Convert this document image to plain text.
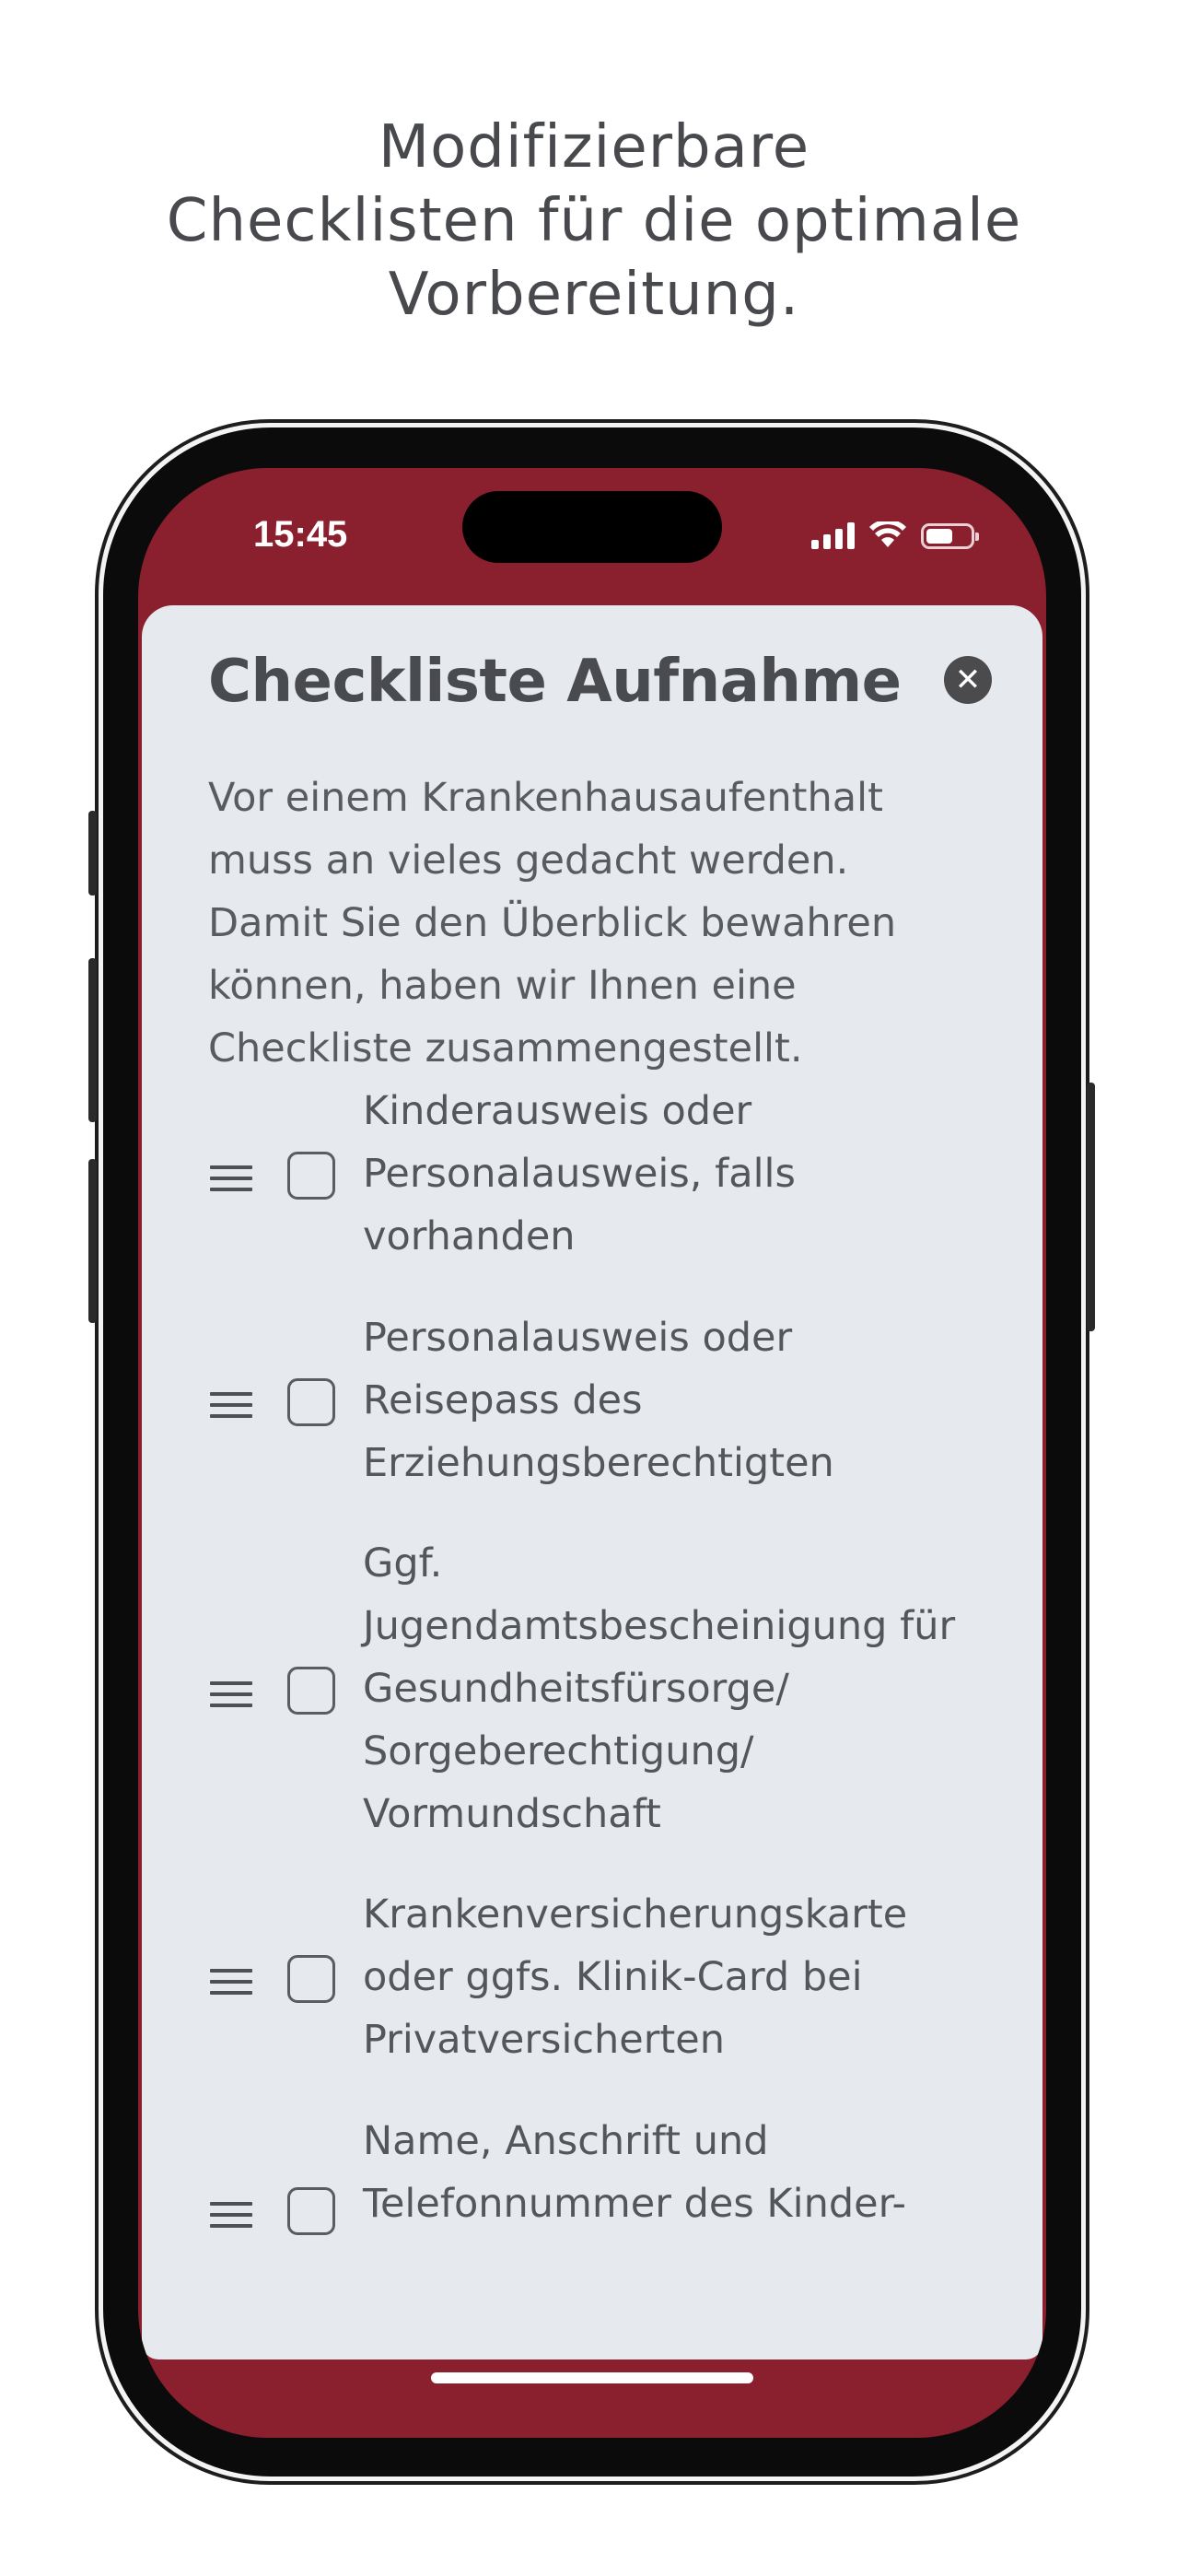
Modifizierbare
Checklisten für die optimale
Vorbereitung.
15:45
Checkliste Aufnahme	✕

Vor einem Krankenhausaufenthalt
muss an vieles gedacht werden.
Damit Sie den Überblick bewahren
können, haben wir Ihnen eine
Checkliste zusammengestellt.

Kinderausweis oder
Personalausweis, falls
vorhanden

Personalausweis oder
Reisepass des
Erziehungsberechtigten

Ggf.
Jugendamtsbescheinigung für
Gesundheitsfürsorge/
Sorgeberechtigung/
Vormundschaft

Krankenversicherungskarte
oder ggfs. Klinik-Card bei
Privatversicherten

Name, Anschrift und
Telefonnummer des Kinder-
